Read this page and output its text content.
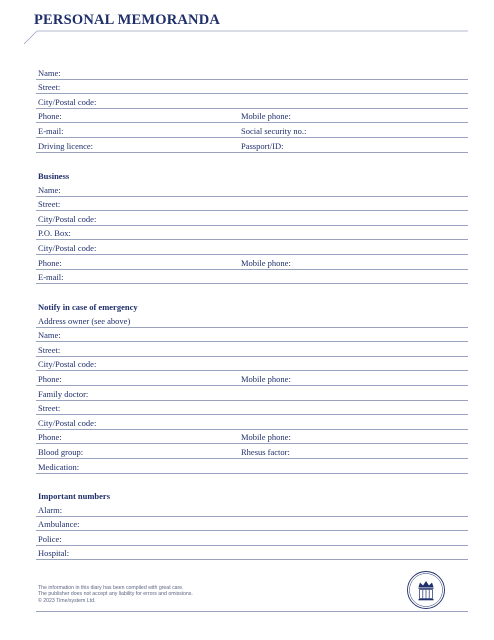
PERSONAL MEMORANDA
Name:
Street:
City/Postal code:
Phone:	Mobile phone:
E-mail:	Social security no.:
Driving licence:	Passport/ID:
Business
Name:
Street:
City/Postal code:
P.O. Box:
City/Postal code:
Phone:	Mobile phone:
E-mail:
Notify in case of emergency
Address owner (see above)
Name:
Street:
City/Postal code:
Phone:	Mobile phone:
Family doctor:
Street:
City/Postal code:
Phone:	Mobile phone:
Blood group:	Rhesus factor:
Medication:
Important numbers
Alarm:
Ambulance:
Police:
Hospital:
The information in this diary has been compiled with great care.
The publisher does not accept any liability for errors and omissions.
© 2023 Time/system Ltd.
